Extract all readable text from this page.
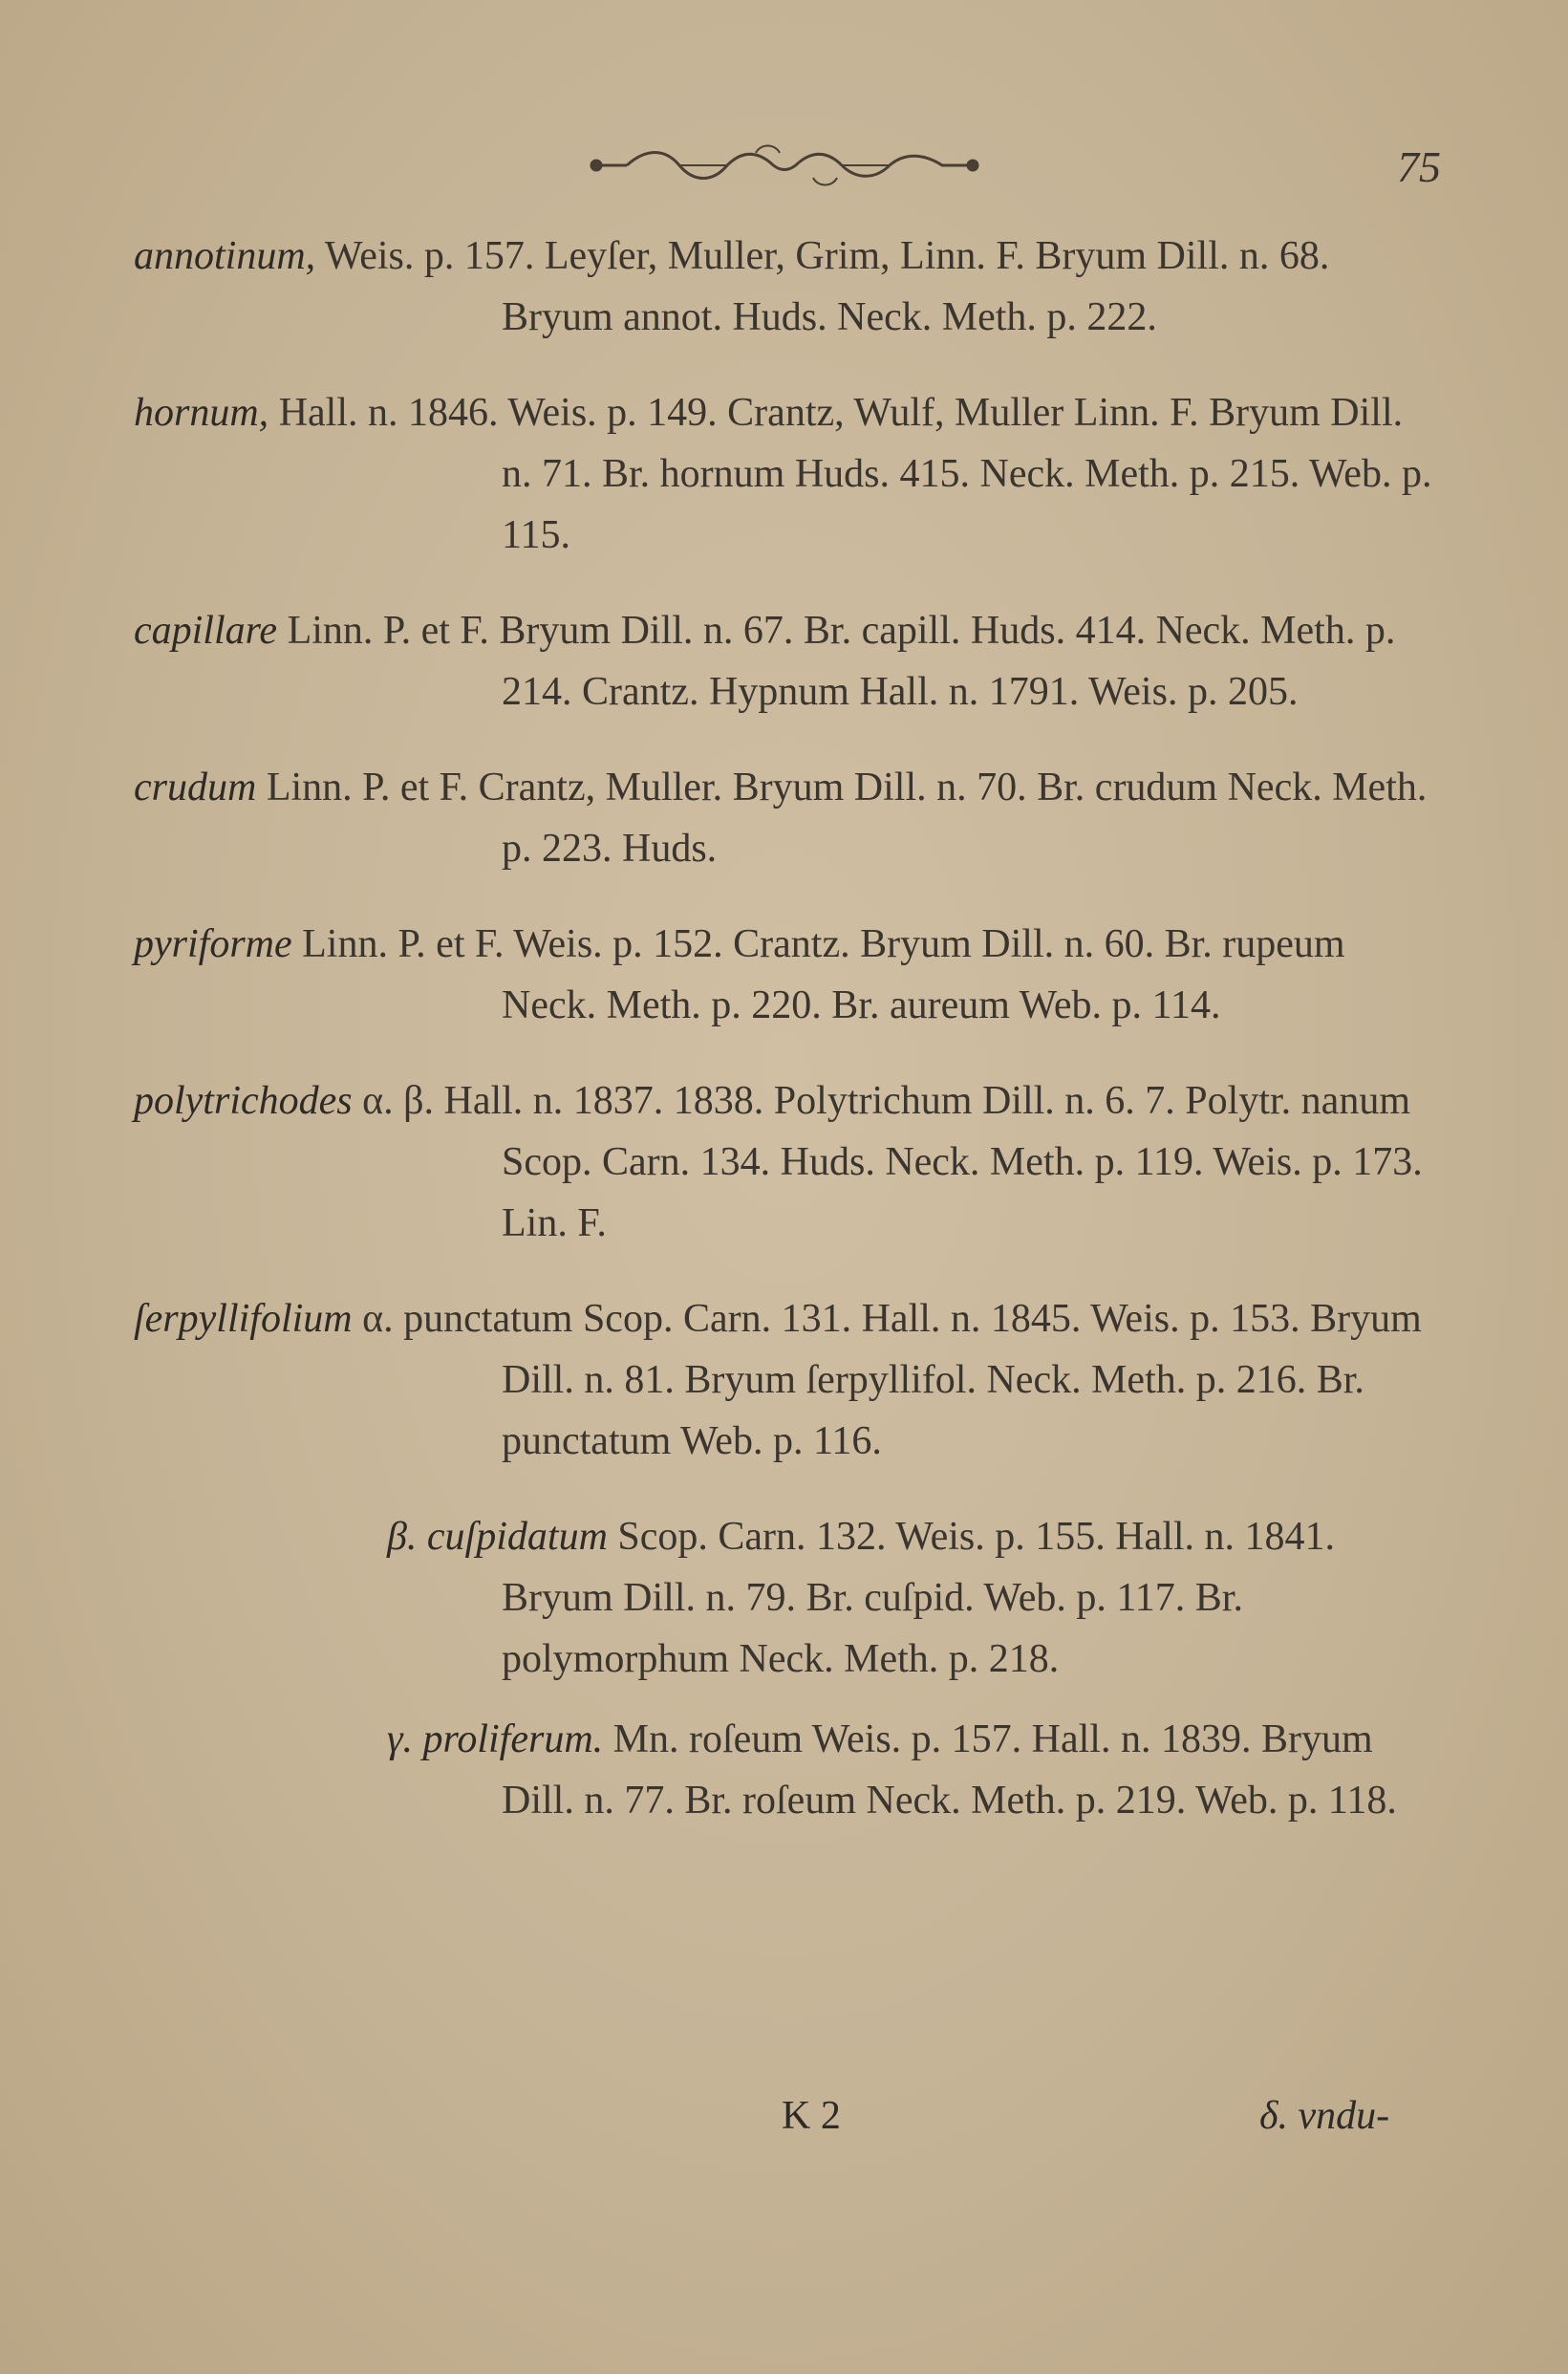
75

annotinum, Weis. p. 157. Leyſer, Muller, Grim, Linn. F. Bryum Dill. n. 68. Bryum annot. Huds. Neck. Meth. p. 222.

hornum, Hall. n. 1846. Weis. p. 149. Crantz, Wulf, Muller Linn. F. Bryum Dill. n. 71. Br. hornum Huds. 415. Neck. Meth. p. 215. Web. p. 115.

capillare Linn. P. et F. Bryum Dill. n. 67. Br. capill. Huds. 414. Neck. Meth. p. 214. Crantz. Hypnum Hall. n. 1791. Weis. p. 205.

crudum Linn. P. et F. Crantz, Muller. Bryum Dill. n. 70. Br. crudum Neck. Meth. p. 223. Huds.

pyriforme Linn. P. et F. Weis. p. 152. Crantz. Bryum Dill. n. 60. Br. rupeum Neck. Meth. p. 220. Br. aureum Web. p. 114.

polytrichodes α. β. Hall. n. 1837. 1838. Polytrichum Dill. n. 6. 7. Polytr. nanum Scop. Carn. 134. Huds. Neck. Meth. p. 119. Weis. p. 173. Lin. F.

ſerpyllifolium α. punctatum Scop. Carn. 131. Hall. n. 1845. Weis. p. 153. Bryum Dill. n. 81. Bryum ſerpyllifol. Neck. Meth. p. 216. Br. punctatum Web. p. 116.

β. cuſpidatum Scop. Carn. 132. Weis. p. 155. Hall. n. 1841. Bryum Dill. n. 79. Br. cuſpid. Web. p. 117. Br. polymorphum Neck. Meth. p. 218.

γ. proliferum. Mn. roſeum Weis. p. 157. Hall. n. 1839. Bryum Dill. n. 77. Br. roſeum Neck. Meth. p. 219. Web. p. 118.

K 2	δ. vndu-
